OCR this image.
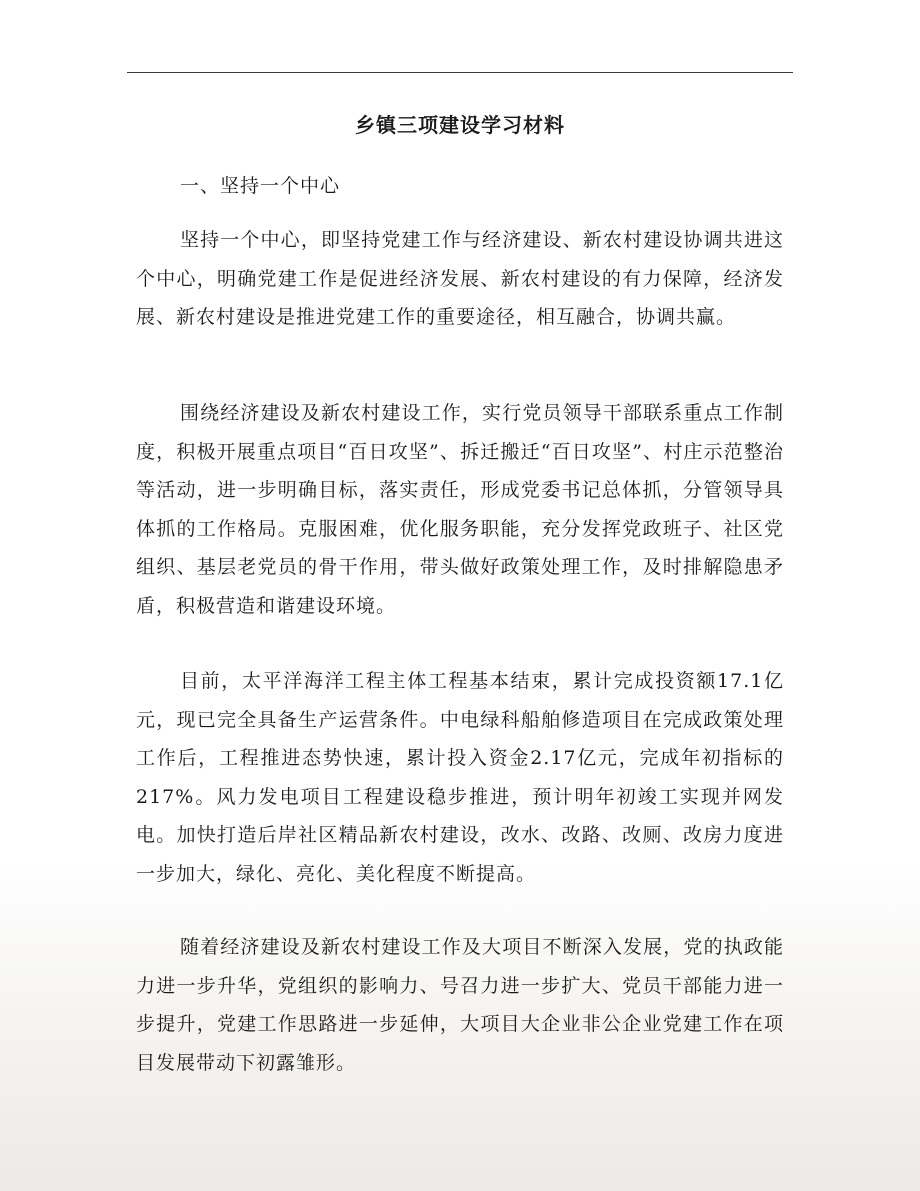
乡镇三项建设学习材料

一、坚持一个中心

坚持一个中心，即坚持党建工作与经济建设、新农村建设协调共进这个中心，明确党建工作是促进经济发展、新农村建设的有力保障，经济发展、新农村建设是推进党建工作的重要途径，相互融合，协调共赢。

围绕经济建设及新农村建设工作，实行党员领导干部联系重点工作制度，积极开展重点项目“百日攻坚”、拆迁搬迁“百日攻坚”、村庄示范整治等活动，进一步明确目标，落实责任，形成党委书记总体抓，分管领导具体抓的工作格局。克服困难，优化服务职能，充分发挥党政班子、社区党组织、基层老党员的骨干作用，带头做好政策处理工作，及时排解隐患矛盾，积极营造和谐建设环境。

目前，太平洋海洋工程主体工程基本结束，累计完成投资额17.1亿元，现已完全具备生产运营条件。中电绿科船舶修造项目在完成政策处理工作后，工程推进态势快速，累计投入资金2.17亿元，完成年初指标的217%。风力发电项目工程建设稳步推进，预计明年初竣工实现并网发电。加快打造后岸社区精品新农村建设，改水、改路、改厕、改房力度进一步加大，绿化、亮化、美化程度不断提高。

随着经济建设及新农村建设工作及大项目不断深入发展，党的执政能力进一步升华，党组织的影响力、号召力进一步扩大、党员干部能力进一步提升，党建工作思路进一步延伸，大项目大企业非公企业党建工作在项目发展带动下初露雏形。
